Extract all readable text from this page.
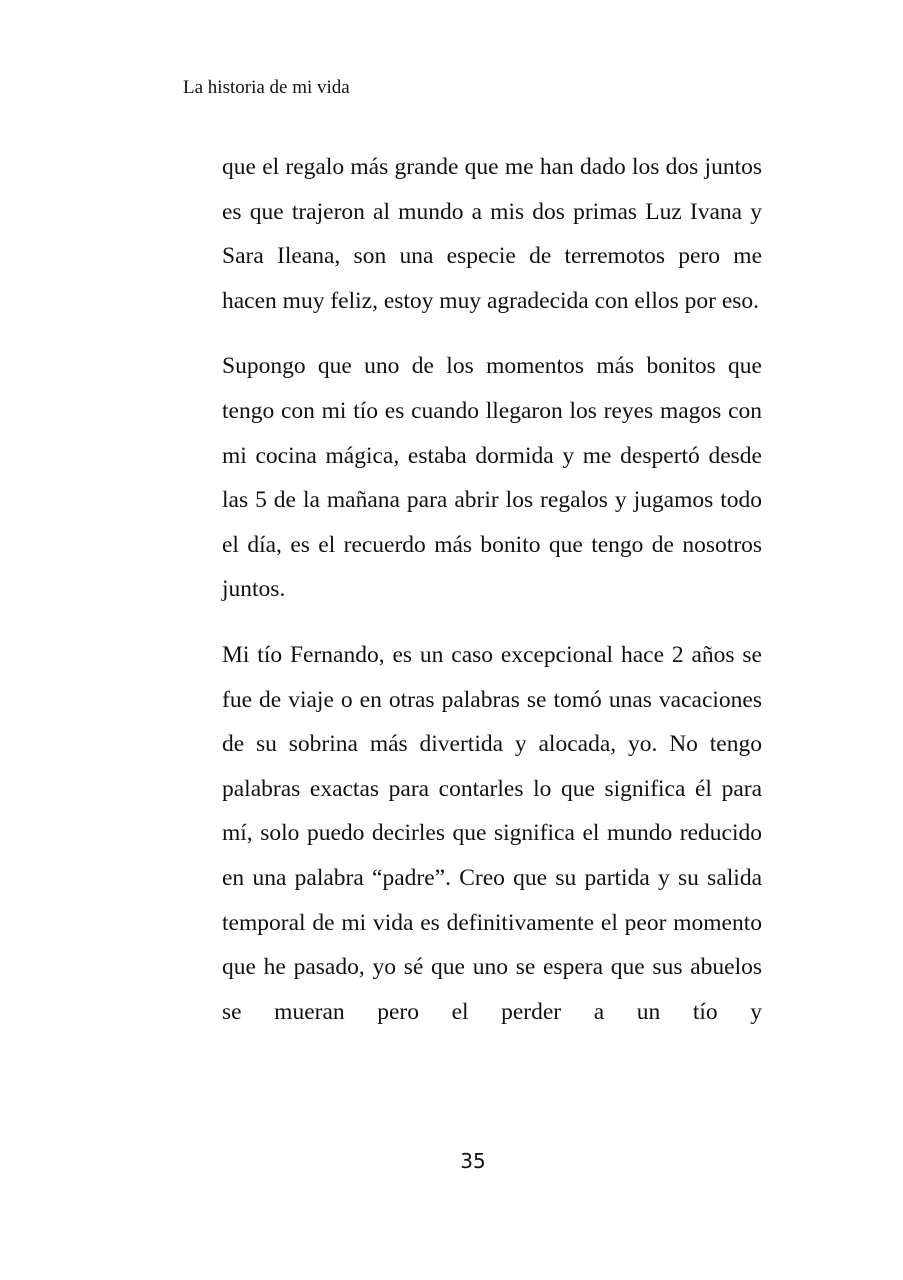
La historia de mi vida

que el regalo más grande que me han dado los dos juntos es que trajeron al mundo a mis dos primas Luz Ivana y Sara Ileana, son una especie de terremotos pero me hacen muy feliz, estoy muy agradecida con ellos por eso.

Supongo que uno de los momentos más bonitos que tengo con mi tío es cuando llegaron los reyes magos con mi cocina mágica, estaba dormida y me despertó desde las 5 de la mañana para abrir los regalos y jugamos todo el día, es el recuerdo más bonito que tengo de nosotros juntos.

Mi tío Fernando, es un caso excepcional hace 2 años se fue de viaje o en otras palabras se tomó unas vacaciones de su sobrina más divertida y alocada, yo. No tengo palabras exactas para contarles lo que significa él para mí, solo puedo decirles que significa el mundo reducido en una palabra “padre”. Creo que su partida y su salida temporal de mi vida es definitivamente el peor momento que he pasado, yo sé que uno se espera que sus abuelos se mueran pero el perder a un tío y

35
